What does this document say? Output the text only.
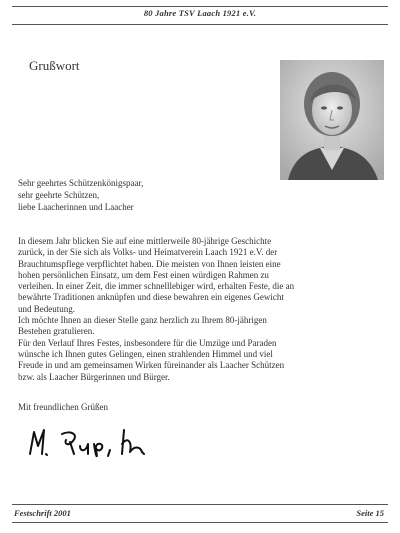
80 Jahre TSV Laach 1921 e.V.
Grußwort
Sehr geehrtes Schützenkönigspaar,
sehr geehrte Schützen,
liebe Laacherinnen und Laacher
In diesem Jahr blicken Sie auf eine mittlerweile 80-jährige Geschichte
zurück, in der Sie sich als Volks- und Heimatverein Laach 1921 e.V. der
Brauchtumspflege verpflichtet haben. Die meisten von Ihnen leisten eine
hohen persönlichen Einsatz, um dem Fest einen würdigen Rahmen zu
verleihen. In einer Zeit, die immer schnelllebiger wird, erhalten Feste, die an
bewährte Traditionen anknüpfen und diese bewahren ein eigenes Gewicht
und Bedeutung.
Ich möchte Ihnen an dieser Stelle ganz herzlich zu Ihrem 80-jährigen
Bestehen gratulieren.
Für den Verlauf Ihres Festes, insbesondere für die Umzüge und Paraden
wünsche ich Ihnen gutes Gelingen, einen strahlenden Himmel und viel
Freude in und am gemeinsamen Wirken füreinander als Laacher Schützen
bzw. als Laacher Bürgerinnen und Bürger.
Mit freundlichen Grüßen
Festschrift 2001	Seite 15
